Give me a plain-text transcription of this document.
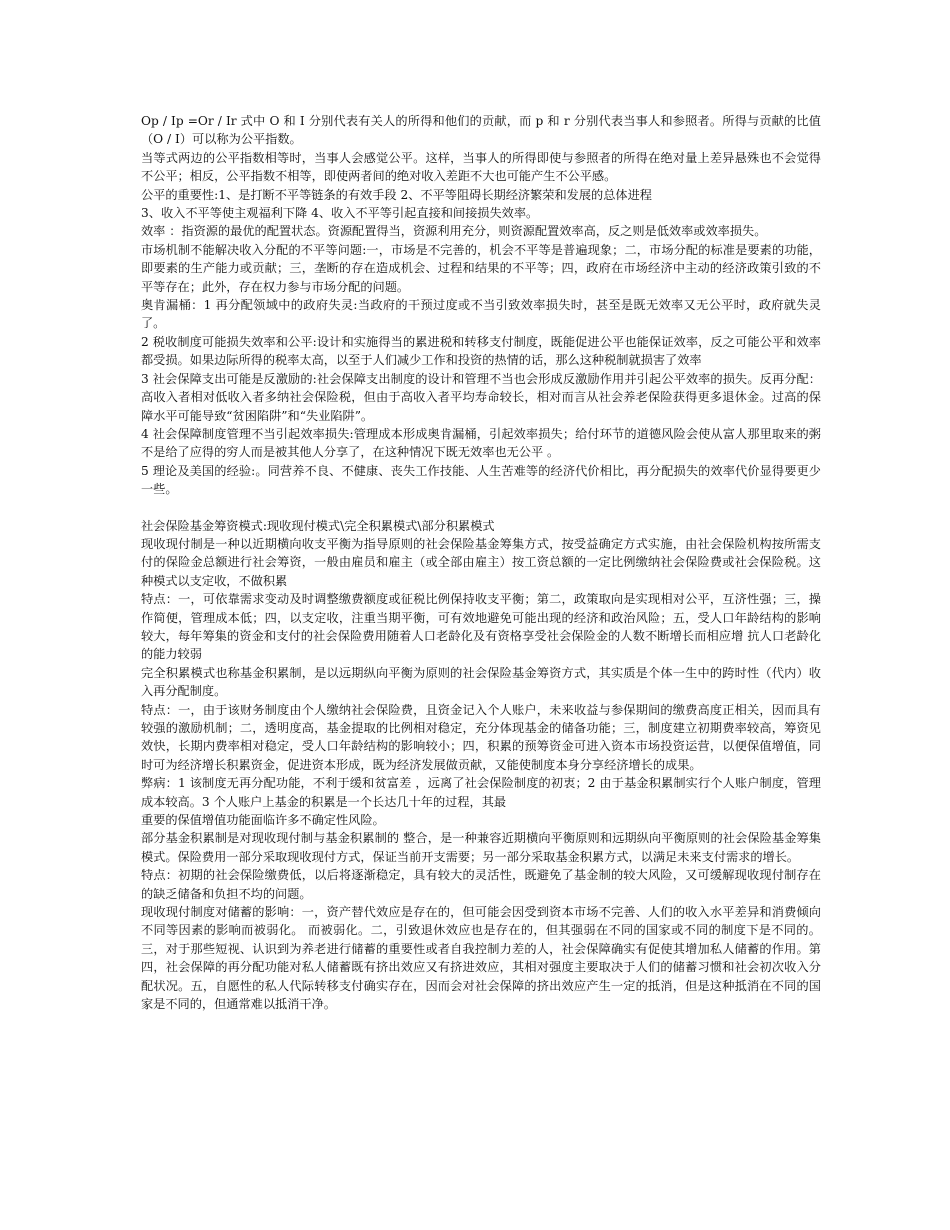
Op / Ip =Or / Ir 式中 O 和 I 分别代表有关人的所得和他们的贡献，而 p 和 r 分别代表当事人和参照者。所得与贡献的比值（O / I）可以称为公平指数。

当等式两边的公平指数相等时，当事人会感觉公平。这样，当事人的所得即使与参照者的所得在绝对量上差异悬殊也不会觉得不公平；相反，公平指数不相等，即使两者间的绝对收入差距不大也可能产生不公平感。

公平的重要性:1、是打断不平等链条的有效手段 2、不平等阻碍长期经济繁荣和发展的总体进程

3、收入不平等使主观福利下降 4、收入不平等引起直接和间接损失效率。

效率 ：指资源的最优的配置状态。资源配置得当，资源利用充分，则资源配置效率高，反之则是低效率或效率损失。

市场机制不能解决收入分配的不平等问题:一，市场是不完善的，机会不平等是普遍现象；二，市场分配的标准是要素的功能，即要素的生产能力或贡献；三，垄断的存在造成机会、过程和结果的不平等；四，政府在市场经济中主动的经济政策引致的不平等存在；此外，存在权力参与市场分配的问题。

奥肯漏桶：1 再分配领域中的政府失灵:当政府的干预过度或不当引致效率损失时，甚至是既无效率又无公平时，政府就失灵了。

2 税收制度可能损失效率和公平:设计和实施得当的累进税和转移支付制度，既能促进公平也能保证效率，反之可能公平和效率都受损。如果边际所得的税率太高，以至于人们减少工作和投资的热情的话，那么这种税制就损害了效率

3 社会保障支出可能是反激励的:社会保障支出制度的设计和管理不当也会形成反激励作用并引起公平效率的损失。反再分配：高收入者相对低收入者多纳社会保险税，但由于高收入者平均寿命较长，相对而言从社会养老保险获得更多退休金。过高的保障水平可能导致“贫困陷阱”和“失业陷阱”。

4 社会保障制度管理不当引起效率损失:管理成本形成奥肯漏桶，引起效率损失；给付环节的道德风险会使从富人那里取来的粥不是给了应得的穷人而是被其他人分享了，在这种情况下既无效率也无公平 。

5 理论及美国的经验:。同营养不良、不健康、丧失工作技能、人生苦难等的经济代价相比，再分配损失的效率代价显得要更少一些。

社会保险基金筹资模式:现收现付模式\完全积累模式\部分积累模式

现收现付制是一种以近期横向收支平衡为指导原则的社会保险基金筹集方式，按受益确定方式实施，由社会保险机构按所需支付的保险金总额进行社会筹资，一般由雇员和雇主（或全部由雇主）按工资总额的一定比例缴纳社会保险费或社会保险税。这种模式以支定收，不做积累

特点：一，可依靠需求变动及时调整缴费额度或征税比例保持收支平衡；第二，政策取向是实现相对公平，互济性强；三，操作简便，管理成本低；四，以支定收，注重当期平衡，可有效地避免可能出现的经济和政治风险；五，受人口年龄结构的影响较大，每年筹集的资金和支付的社会保险费用随着人口老龄化及有资格享受社会保险金的人数不断增长而相应增 抗人口老龄化的能力较弱

完全积累模式也称基金积累制，是以远期纵向平衡为原则的社会保险基金筹资方式，其实质是个体一生中的跨时性（代内）收入再分配制度。

特点：一，由于该财务制度由个人缴纳社会保险费，且资金记入个人账户，未来收益与参保期间的缴费高度正相关，因而具有较强的激励机制；二，透明度高，基金提取的比例相对稳定，充分体现基金的储备功能；三，制度建立初期费率较高，筹资见效快，长期内费率相对稳定，受人口年龄结构的影响较小；四，积累的预筹资金可进入资本市场投资运营，以便保值增值，同时可为经济增长积累资金，促进资本形成，既为经济发展做贡献，又能使制度本身分享经济增长的成果。

弊病：1 该制度无再分配功能，不利于缓和贫富差 ，远离了社会保险制度的初衷；2 由于基金积累制实行个人账户制度，管理成本较高。3 个人账户上基金的积累是一个长达几十年的过程，其最

重要的保值增值功能面临许多不确定性风险。

部分基金积累制是对现收现付制与基金积累制的 整合，是一种兼容近期横向平衡原则和远期纵向平衡原则的社会保险基金筹集模式。保险费用一部分采取现收现付方式，保证当前开支需要；另一部分采取基金积累方式，以满足未来支付需求的增长。

特点：初期的社会保险缴费低，以后将逐渐稳定，具有较大的灵活性，既避免了基金制的较大风险，又可缓解现收现付制存在的缺乏储备和负担不均的问题。

现收现付制度对储蓄的影响：一，资产替代效应是存在的，但可能会因受到资本市场不完善、人们的收入水平差异和消费倾向不同等因素的影响而被弱化。 而被弱化。二，引致退休效应也是存在的，但其强弱在不同的国家或不同的制度下是不同的。三，对于那些短视、认识到为养老进行储蓄的重要性或者自我控制力差的人，社会保障确实有促使其增加私人储蓄的作用。第四，社会保障的再分配功能对私人储蓄既有挤出效应又有挤进效应，其相对强度主要取决于人们的储蓄习惯和社会初次收入分配状况。五，自愿性的私人代际转移支付确实存在，因而会对社会保障的挤出效应产生一定的抵消，但是这种抵消在不同的国家是不同的，但通常难以抵消干净。
